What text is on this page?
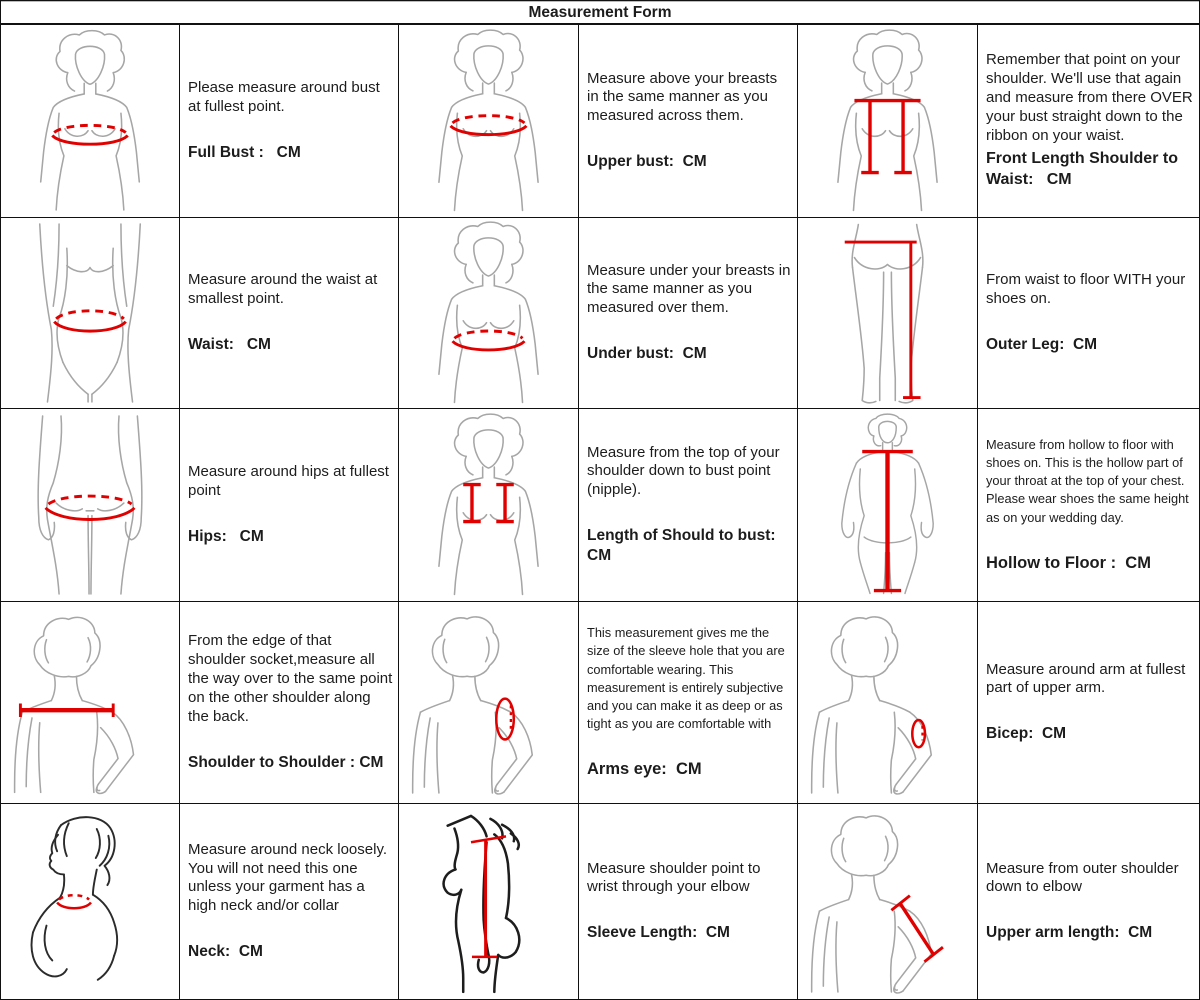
Measurement Form

Please measure around bust at fullest point.

Full Bust :   CM

Measure above your breasts in the same manner as you measured across them.

Upper bust:  CM

Remember that point on your shoulder. We'll use that again and measure from there OVER your bust straight down to the ribbon on your waist.

Front Length Shoulder to Waist:   CM

Measure around the waist at smallest point.

Waist:   CM

Measure under your breasts in the same manner as you measured over them.

Under bust:  CM

From waist to floor WITH your shoes on.

Outer Leg:  CM

Measure around hips at fullest point

Hips:   CM

Measure from the top of your shoulder down to bust point (nipple).

Length of Should to bust:  CM

Measure from hollow to floor with shoes on. This is the hollow part of your throat at the top of your chest. Please wear shoes the same height as on your wedding day.

Hollow to Floor :  CM

From the edge of that shoulder socket,measure all the way over to the same point on the other shoulder along the back.

Shoulder to Shoulder : CM

This measurement gives me the size of the sleeve hole that you are comfortable wearing. This measurement is entirely subjective and you can make it as deep or as tight as you are comfortable with

Arms eye:  CM

Measure around arm at fullest part of upper arm.

Bicep:  CM

Measure around neck loosely. You will not need this one unless your garment has a high neck and/or collar

Neck:  CM

Measure shoulder point to wrist through your elbow

Sleeve Length:  CM

Measure from outer shoulder down to elbow

Upper arm length:  CM
